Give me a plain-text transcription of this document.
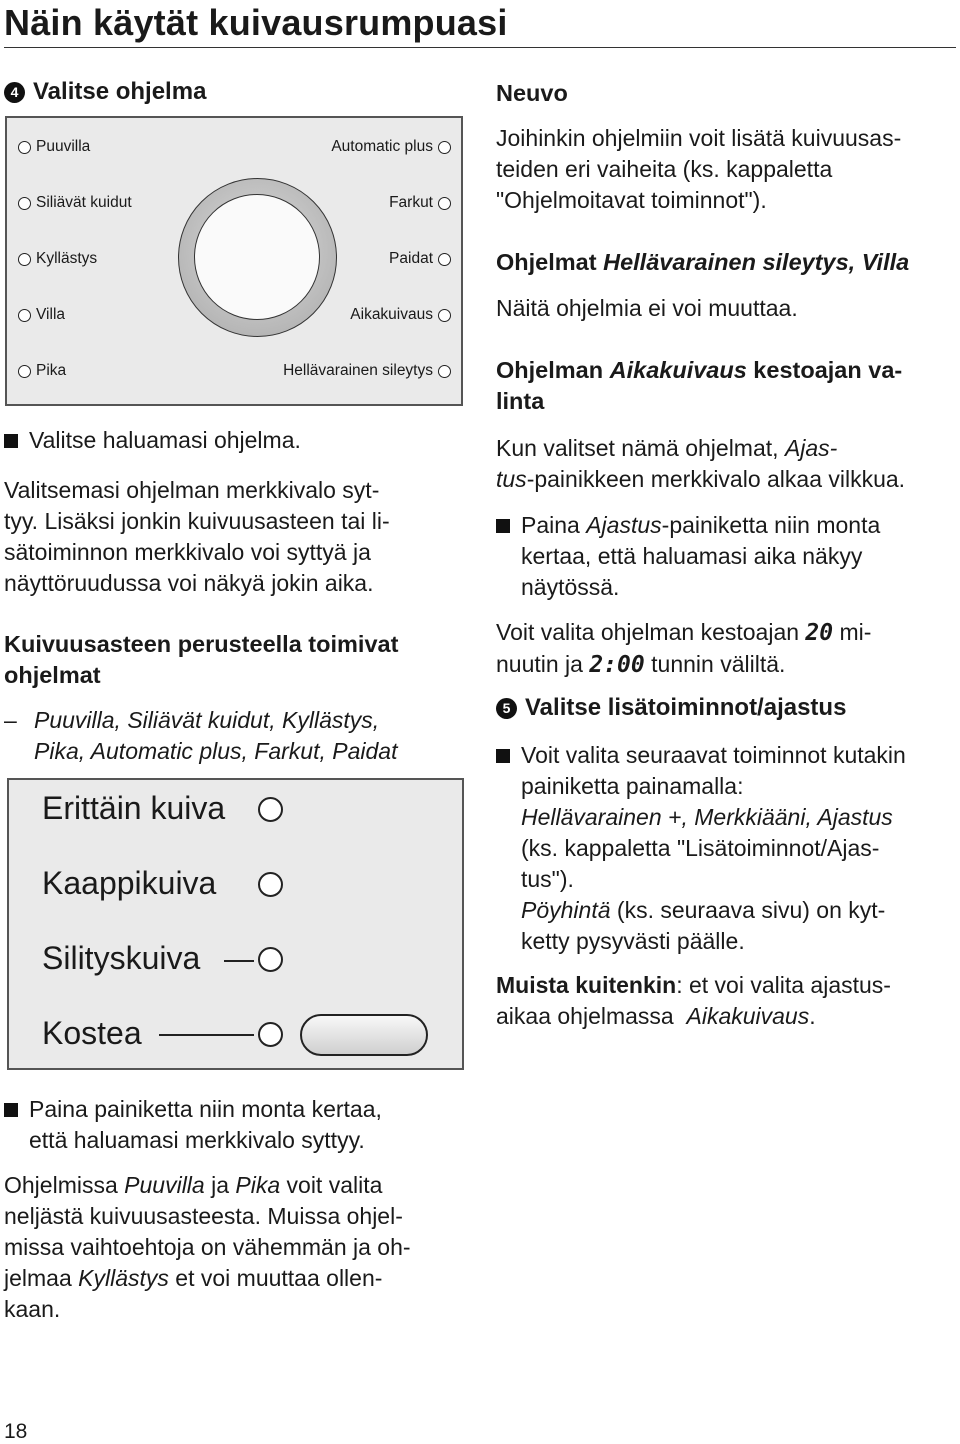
Näin käytät kuivausrumpuasi
4 Valitse ohjelma
Puuvilla
Siliävät kuidut
Kyllästys
Villa
Pika
Automatic plus
Farkut
Paidat
Aikakuivaus
Hellävarainen sileytys
Valitse haluamasi ohjelma.
Valitsemasi ohjelman merkkivalo syt-
tyy. Lisäksi jonkin kuivuusasteen tai li-
sätoiminnon merkkivalo voi syttyä ja
näyttöruudussa voi näkyä jokin aika.
Kuivuusasteen perusteella toimivat
ohjelmat
– Puuvilla, Siliävät kuidut, Kyllästys,
Pika, Automatic plus, Farkut, Paidat
Erittäin kuiva
Kaappikuiva
Silityskuiva
Kostea
Paina painiketta niin monta kertaa,
että haluamasi merkkivalo syttyy.
Ohjelmissa Puuvilla ja Pika voit valita
neljästä kuivuusasteesta. Muissa ohjel-
missa vaihtoehtoja on vähemmän ja oh-
jelmaa Kyllästys et voi muuttaa ollen-
kaan.
Neuvo
Joihinkin ohjelmiin voit lisätä kuivuusas-
teiden eri vaiheita (ks. kappaletta
"Ohjelmoitavat toiminnot").
Ohjelmat Hellävarainen sileytys, Villa
Näitä ohjelmia ei voi muuttaa.
Ohjelman Aikakuivaus kestoajan va-
linta
Kun valitset nämä ohjelmat, Ajas-
tus-painikkeen merkkivalo alkaa vilkkua.
Paina Ajastus-painiketta niin monta
kertaa, että haluamasi aika näkyy
näytössä.
Voit valita ohjelman kestoajan 20 mi-
nuutin ja 2:00 tunnin väliltä.
5 Valitse lisätoiminnot/ajastus
Voit valita seuraavat toiminnot kutakin
painiketta painamalla:
Hellävarainen +, Merkkiääni, Ajastus
(ks. kappaletta "Lisätoiminnot/Ajas-
tus").
Pöyhintä (ks. seuraava sivu) on kyt-
ketty pysyvästi päälle.
Muista kuitenkin: et voi valita ajastus-
aikaa ohjelmassa  Aikakuivaus.
18
